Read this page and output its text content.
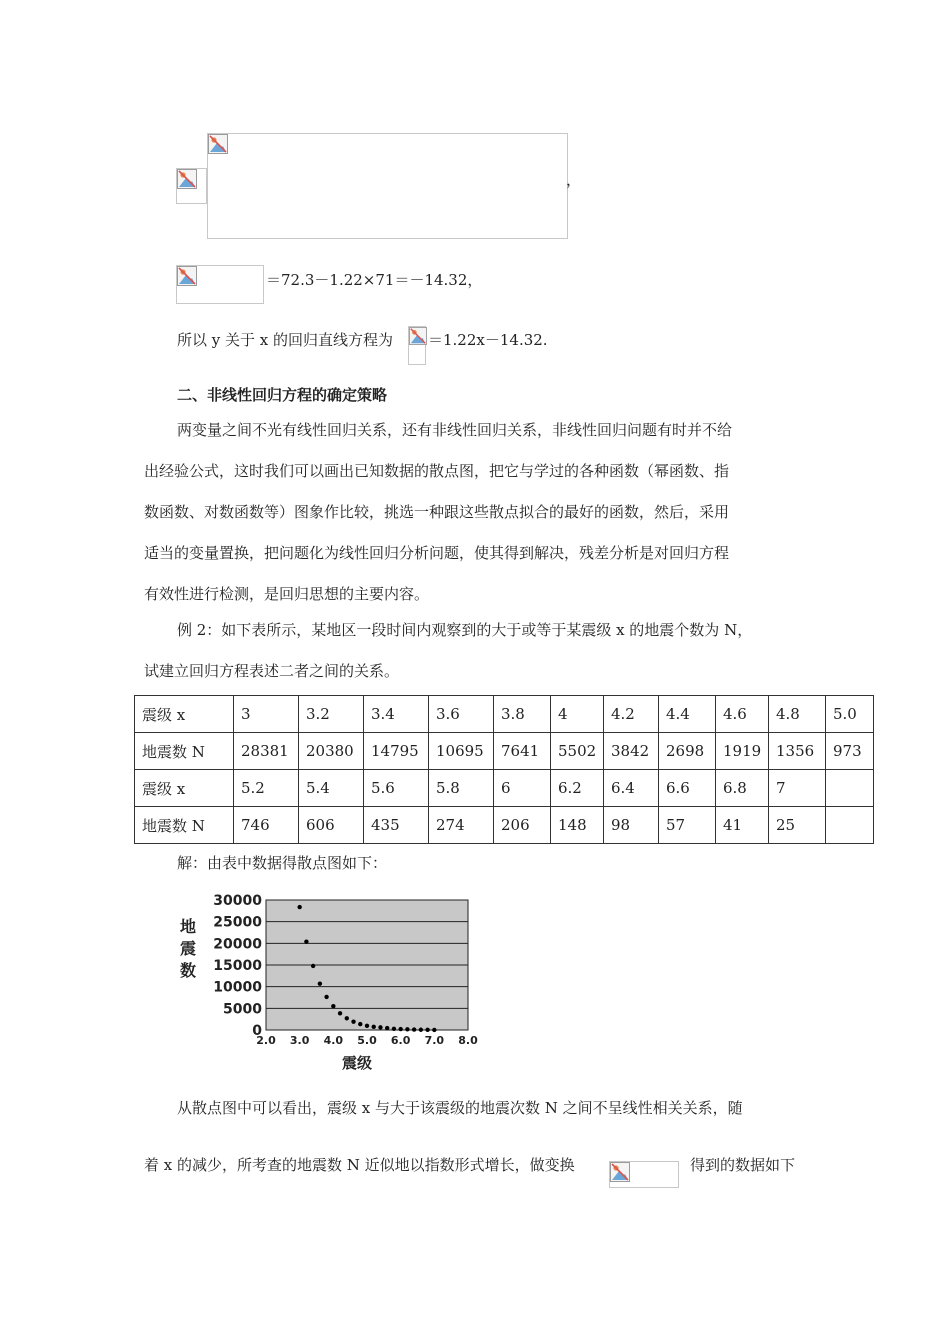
，
＝72.3－1.22×71＝－14.32，
所以 y 关于 x 的回归直线方程为 ＝1.22x－14.32.
二、非线性回归方程的确定策略
两变量之间不光有线性回归关系，还有非线性回归关系，非线性回归问题有时并不给
出经验公式，这时我们可以画出已知数据的散点图，把它与学过的各种函数（幂函数、指
数函数、对数函数等）图象作比较，挑选一种跟这些散点拟合的最好的函数，然后，采用
适当的变量置换，把问题化为线性回归分析问题，使其得到解决，残差分析是对回归方程
有效性进行检测，是回归思想的主要内容。
例 2：如下表所示，某地区一段时间内观察到的大于或等于某震级 x 的地震个数为 N，
试建立回归方程表述二者之间的关系。
震级 x	3	3.2	3.4	3.6	3.8	4	4.2	4.4	4.6	4.8	5.0
地震数 N	28381	20380	14795	10695	7641	5502	3842	2698	1919	1356	973
震级 x	5.2	5.4	5.6	5.8	6	6.2	6.4	6.6	6.8	7	
地震数 N	746	606	435	274	206	148	98	57	41	25	
解：由表中数据得散点图如下：
0
5000
10000
15000
20000
25000
30000
2.0 3.0 4.0 5.0 6.0 7.0 8.0
震级
地
震
数
从散点图中可以看出，震级 x 与大于该震级的地震次数 N 之间不呈线性相关关系，随
着 x 的减少，所考查的地震数 N 近似地以指数形式增长，做变换	得到的数据如下
